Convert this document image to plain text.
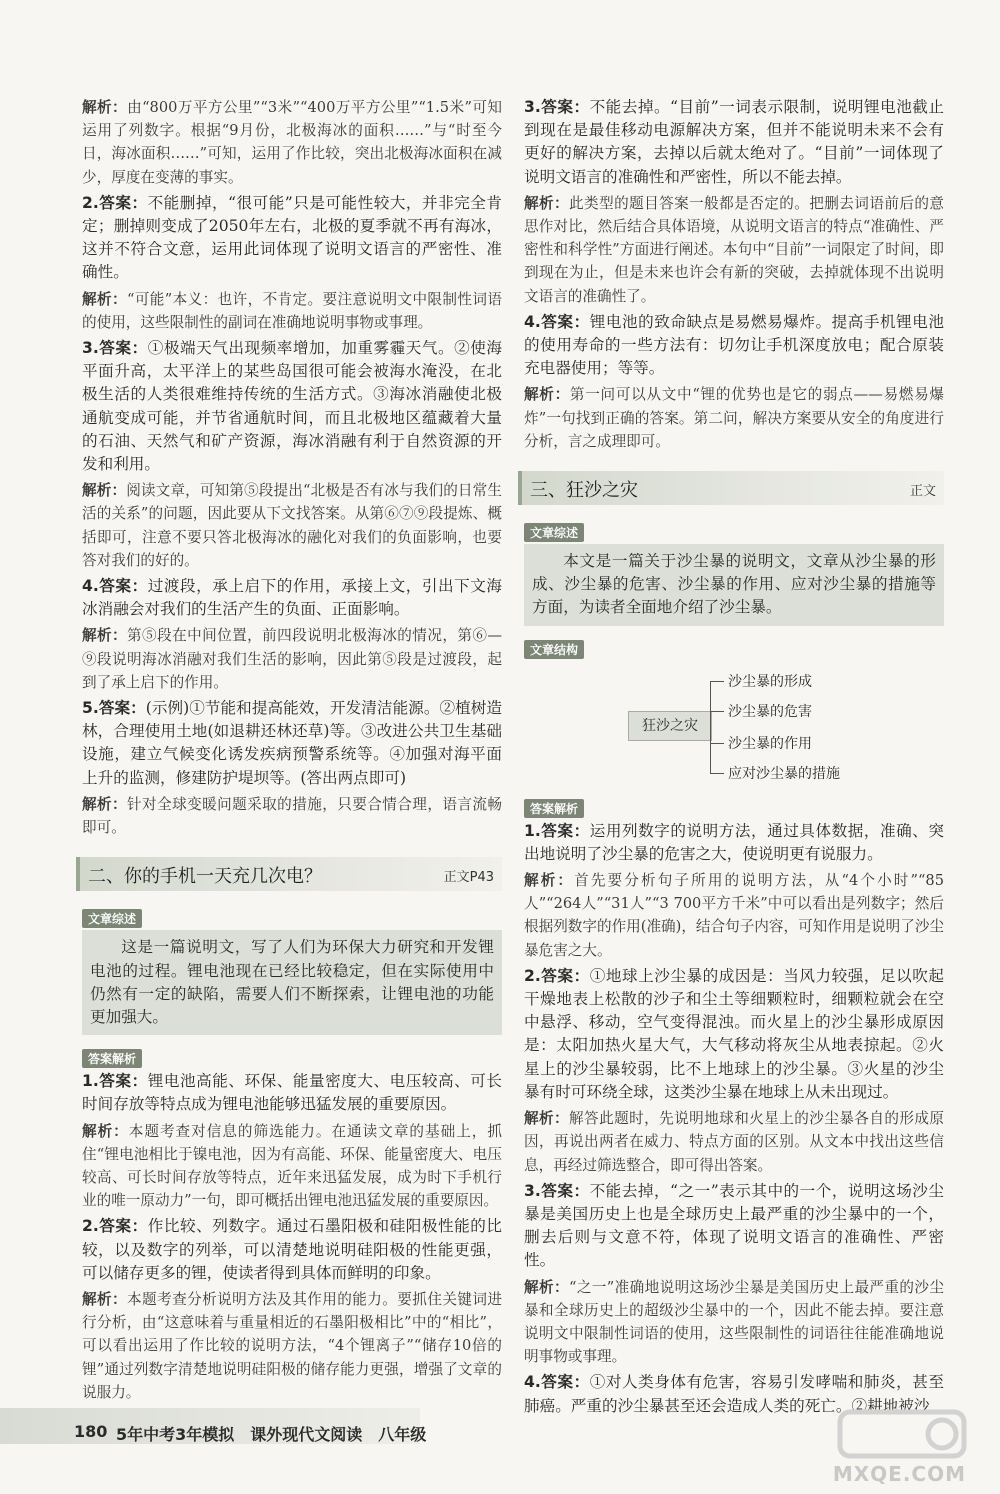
解析：由“800万平方公里”“3米”“400万平方公里”“1.5米”可知运用了列数字。根据“9月份，北极海冰的面积……”与“时至今日，海冰面积……”可知，运用了作比较，突出北极海冰面积在减少，厚度在变薄的事实。

2.答案：不能删掉，“很可能”只是可能性较大，并非完全肯定；删掉则变成了2050年左右，北极的夏季就不再有海冰，这并不符合文意，运用此词体现了说明文语言的严密性、准确性。

解析：“可能”本义：也许，不肯定。要注意说明文中限制性词语的使用，这些限制性的副词在准确地说明事物或事理。

3.答案：①极端天气出现频率增加，加重雾霾天气。②使海平面升高，太平洋上的某些岛国很可能会被海水淹没，在北极生活的人类很难维持传统的生活方式。③海冰消融使北极通航变成可能，并节省通航时间，而且北极地区蕴藏着大量的石油、天然气和矿产资源，海冰消融有利于自然资源的开发和利用。

解析：阅读文章，可知第⑤段提出“北极是否有冰与我们的日常生活的关系”的问题，因此要从下文找答案。从第⑥⑦⑨段提炼、概括即可，注意不要只答北极海冰的融化对我们的负面影响，也要答对我们的好的。

4.答案：过渡段，承上启下的作用，承接上文，引出下文海冰消融会对我们的生活产生的负面、正面影响。

解析：第⑤段在中间位置，前四段说明北极海冰的情况，第⑥—⑨段说明海冰消融对我们生活的影响，因此第⑤段是过渡段，起到了承上启下的作用。

5.答案：(示例)①节能和提高能效，开发清洁能源。②植树造林，合理使用土地(如退耕还林还草)等。③改进公共卫生基础设施，建立气候变化诱发疾病预警系统等。④加强对海平面上升的监测，修建防护堤坝等。(答出两点即可)

解析：针对全球变暖问题采取的措施，只要合情合理，语言流畅即可。

二、你的手机一天充几次电？	正文P43
文章综述
这是一篇说明文，写了人们为环保大力研究和开发锂电池的过程。锂电池现在已经比较稳定，但在实际使用中仍然有一定的缺陷，需要人们不断探索，让锂电池的功能更加强大。
答案解析

1.答案：锂电池高能、环保、能量密度大、电压较高、可长时间存放等特点成为锂电池能够迅猛发展的重要原因。

解析：本题考查对信息的筛选能力。在通读文章的基础上，抓住“锂电池相比于镍电池，因为有高能、环保、能量密度大、电压较高、可长时间存放等特点，近年来迅猛发展，成为时下手机行业的唯一原动力”一句，即可概括出锂电池迅猛发展的重要原因。

2.答案：作比较、列数字。通过石墨阳极和硅阳极性能的比较，以及数字的列举，可以清楚地说明硅阳极的性能更强，可以储存更多的锂，使读者得到具体而鲜明的印象。

解析：本题考查分析说明方法及其作用的能力。要抓住关键词进行分析，由“这意味着与重量相近的石墨阳极相比”中的“相比”，可以看出运用了作比较的说明方法，“4个锂离子”“储存10倍的锂”通过列数字清楚地说明硅阳极的储存能力更强，增强了文章的说服力。

3.答案：不能去掉。“目前”一词表示限制，说明锂电池截止到现在是最佳移动电源解决方案，但并不能说明未来不会有更好的解决方案，去掉以后就太绝对了。“目前”一词体现了说明文语言的准确性和严密性，所以不能去掉。

解析：此类型的题目答案一般都是否定的。把删去词语前后的意思作对比，然后结合具体语境，从说明文语言的特点“准确性、严密性和科学性”方面进行阐述。本句中“目前”一词限定了时间，即到现在为止，但是未来也许会有新的突破，去掉就体现不出说明文语言的准确性了。

4.答案：锂电池的致命缺点是易燃易爆炸。提高手机锂电池的使用寿命的一些方法有：切勿让手机深度放电；配合原装充电器使用；等等。

解析：第一问可以从文中“锂的优势也是它的弱点——易燃易爆炸”一句找到正确的答案。第二问，解决方案要从安全的角度进行分析，言之成理即可。

三、狂沙之灾	正文
文章综述
本文是一篇关于沙尘暴的说明文，文章从沙尘暴的形成、沙尘暴的危害、沙尘暴的作用、应对沙尘暴的措施等方面，为读者全面地介绍了沙尘暴。
文章结构
狂沙之灾
沙尘暴的形成
沙尘暴的危害
沙尘暴的作用
应对沙尘暴的措施
答案解析

1.答案：运用列数字的说明方法，通过具体数据，准确、突出地说明了沙尘暴的危害之大，使说明更有说服力。

解析：首先要分析句子所用的说明方法，从“4个小时”“85人”“264人”“31人”“3 700平方千米”中可以看出是列数字；然后根据列数字的作用(准确)，结合句子内容，可知作用是说明了沙尘暴危害之大。

2.答案：①地球上沙尘暴的成因是：当风力较强，足以吹起干燥地表上松散的沙子和尘土等细颗粒时，细颗粒就会在空中悬浮、移动，空气变得混浊。而火星上的沙尘暴形成原因是：太阳加热火星大气，大气移动将灰尘从地表掠起。②火星上的沙尘暴较弱，比不上地球上的沙尘暴。③火星的沙尘暴有时可环绕全球，这类沙尘暴在地球上从未出现过。

解析：解答此题时，先说明地球和火星上的沙尘暴各自的形成原因，再说出两者在威力、特点方面的区别。从文本中找出这些信息，再经过筛选整合，即可得出答案。

3.答案：不能去掉，“之一”表示其中的一个，说明这场沙尘暴是美国历史上也是全球历史上最严重的沙尘暴中的一个，删去后则与文意不符，体现了说明文语言的准确性、严密性。

解析：“之一”准确地说明这场沙尘暴是美国历史上最严重的沙尘暴和全球历史上的超级沙尘暴中的一个，因此不能去掉。要注意说明文中限制性词语的使用，这些限制性的词语往往能准确地说明事物或事理。

4.答案：①对人类身体有危害，容易引发哮喘和肺炎，甚至肺癌。严重的沙尘暴甚至还会造成人类的死亡。②耕地被沙

180 5年中考3年模拟　课外现代文阅读　八年级
MXQE.COM
